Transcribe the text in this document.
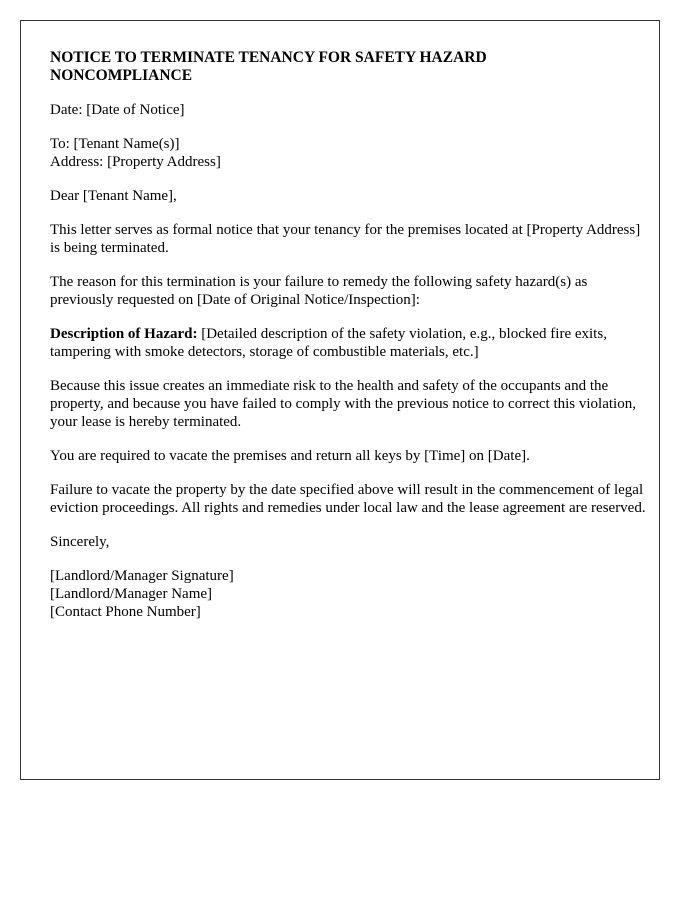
NOTICE TO TERMINATE TENANCY FOR SAFETY HAZARD NONCOMPLIANCE
Date: [Date of Notice]
To: [Tenant Name(s)]
Address: [Property Address]
Dear [Tenant Name],
This letter serves as formal notice that your tenancy for the premises located at [Property Address] is being terminated.
The reason for this termination is your failure to remedy the following safety hazard(s) as previously requested on [Date of Original Notice/Inspection]:
Description of Hazard: [Detailed description of the safety violation, e.g., blocked fire exits, tampering with smoke detectors, storage of combustible materials, etc.]
Because this issue creates an immediate risk to the health and safety of the occupants and the property, and because you have failed to comply with the previous notice to correct this violation, your lease is hereby terminated.
You are required to vacate the premises and return all keys by [Time] on [Date].
Failure to vacate the property by the date specified above will result in the commencement of legal eviction proceedings. All rights and remedies under local law and the lease agreement are reserved.
Sincerely,
[Landlord/Manager Signature]
[Landlord/Manager Name]
[Contact Phone Number]
